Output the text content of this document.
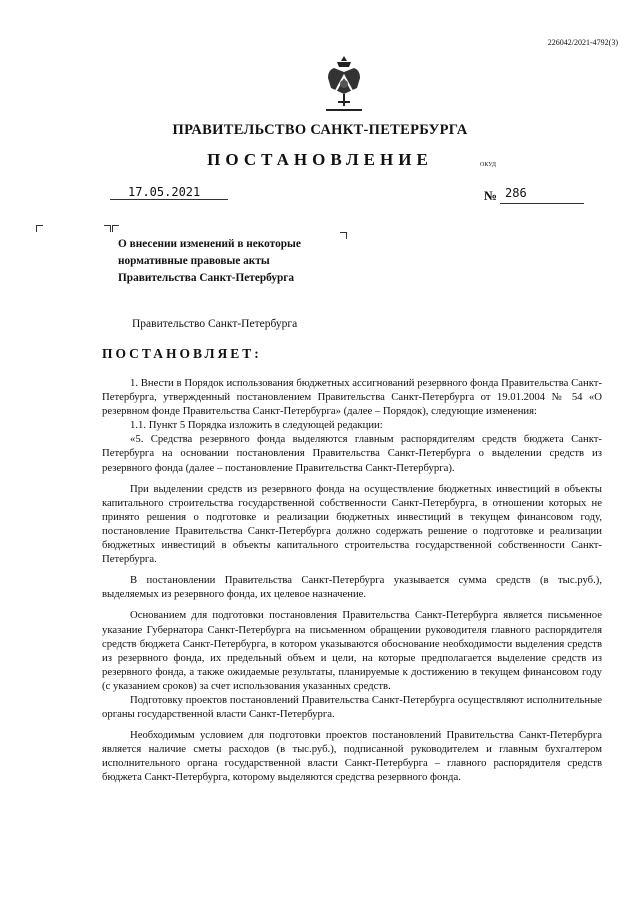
226042/2021-4792(3)
ПРАВИТЕЛЬСТВО САНКТ-ПЕТЕРБУРГА
ПОСТАНОВЛЕНИЕ	ОКУД
17.05.2021	№ 286
О внесении изменений в некоторые нормативные правовые акты Правительства Санкт-Петербурга
Правительство Санкт-Петербурга
ПОСТАНОВЛЯЕТ:

1. Внести в Порядок использования бюджетных ассигнований резервного фонда Правительства Санкт-Петербурга, утвержденный постановлением Правительства Санкт-Петербурга от 19.01.2004 № 54 «О резервном фонде Правительства Санкт-Петербурга» (далее – Порядок), следующие изменения:

1.1. Пункт 5 Порядка изложить в следующей редакции:

«5. Средства резервного фонда выделяются главным распорядителям средств бюджета Санкт-Петербурга на основании постановления Правительства Санкт-Петербурга о выделении средств из резервного фонда (далее – постановление Правительства Санкт-Петербурга).

При выделении средств из резервного фонда на осуществление бюджетных инвестиций в объекты капитального строительства государственной собственности Санкт-Петербурга, в отношении которых не принято решения о подготовке и реализации бюджетных инвестиций в текущем финансовом году, постановление Правительства Санкт-Петербурга должно содержать решение о подготовке и реализации бюджетных инвестиций в объекты капитального строительства государственной собственности Санкт-Петербурга.

В постановлении Правительства Санкт-Петербурга указывается сумма средств (в тыс.руб.), выделяемых из резервного фонда, их целевое назначение.

Основанием для подготовки постановления Правительства Санкт-Петербурга является письменное указание Губернатора Санкт-Петербурга на письменном обращении руководителя главного распорядителя средств бюджета Санкт-Петербурга, в котором указываются обоснование необходимости выделения средств из резервного фонда, их предельный объем и цели, на которые предполагается выделение средств из резервного фонда, а также ожидаемые результаты, планируемые к достижению в текущем финансовом году (с указанием сроков) за счет использования указанных средств.

Подготовку проектов постановлений Правительства Санкт-Петербурга осуществляют исполнительные органы государственной власти Санкт-Петербурга.

Необходимым условием для подготовки проектов постановлений Правительства Санкт-Петербурга является наличие сметы расходов (в тыс.руб.), подписанной руководителем и главным бухгалтером исполнительного органа государственной власти Санкт-Петербурга – главного распорядителя средств бюджета Санкт-Петербурга, которому выделяются средства резервного фонда.
